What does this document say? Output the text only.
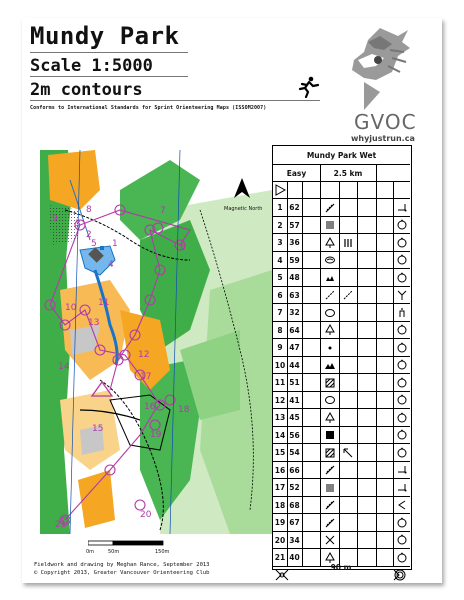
Mundy Park
Scale 1:5000
2m contours
Conforms to International Standards for Sprint Orienteering Maps (ISSOM2007)
GVOC
whyjustrun.ca
1
2
3
4
5	6
7
8
9
10 11
12
13
14
15
16
17
18
19
20
21
Magnetic North
0m	50m	150m
Fieldwork and drawing by Meghan Rance, September 2013
© Copyright 2013, Greater Vancouver Orienteering Club
Mundy Park Wet
Easy	2.5 km
1 62
2 57
3 36
4 59
5 48
6 63
7 32
8 64
9 47
10 44
11 51
12 41
13 45
14 56
15 54
16 66
17 52
18 68
19 67
20 34
21 40
90 m
